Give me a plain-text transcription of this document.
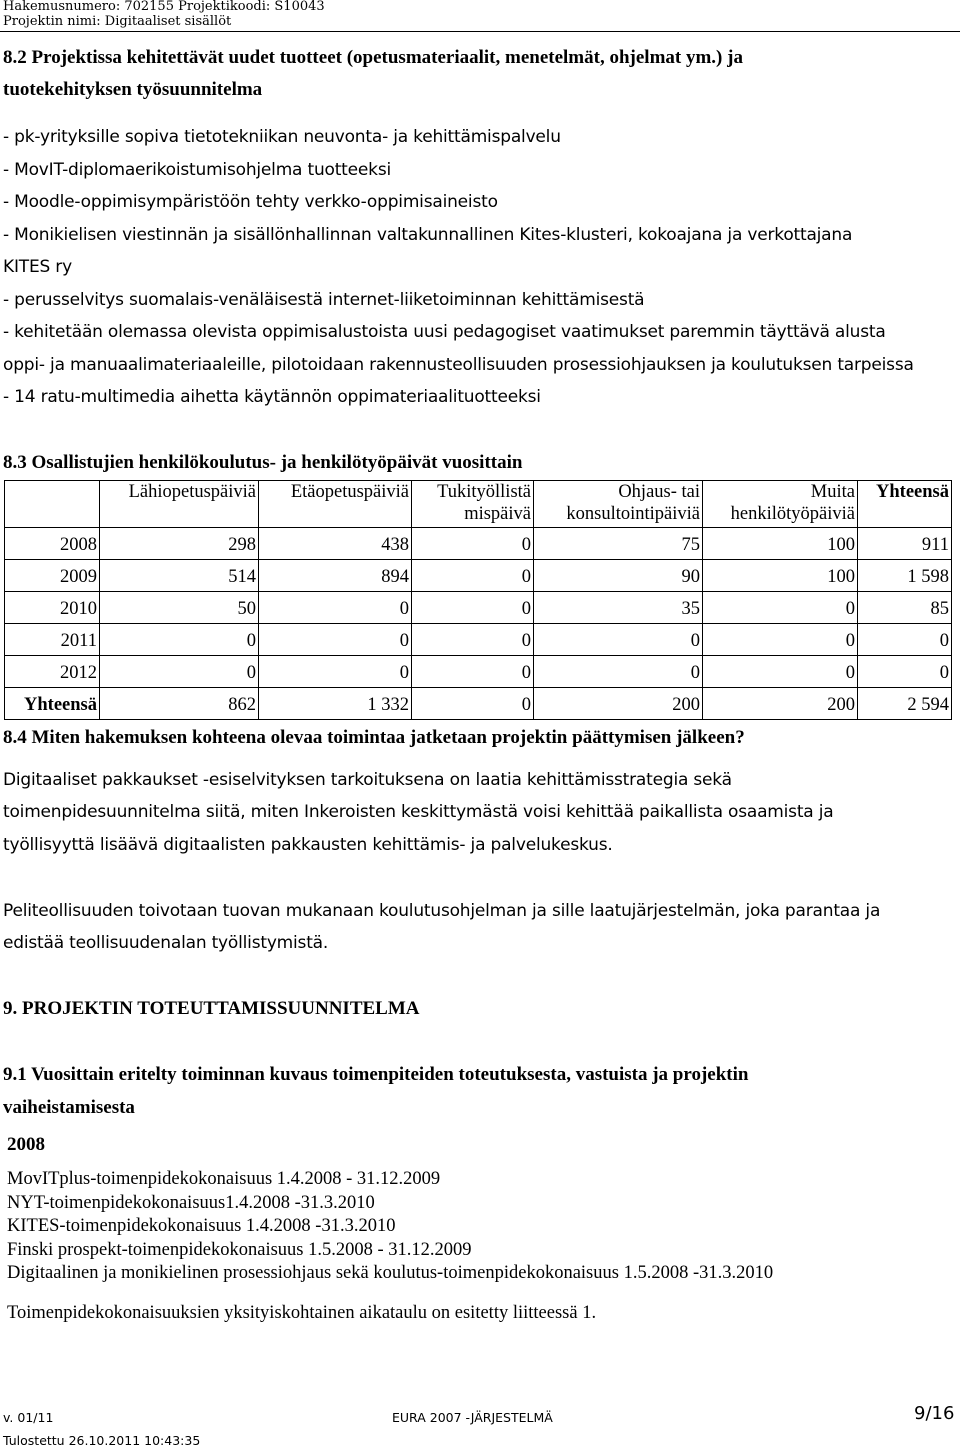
Hakemusnumero: 702155 Projektikoodi: S10043
Projektin nimi: Digitaaliset sisällöt
8.2 Projektissa kehitettävät uudet tuotteet (opetusmateriaalit, menetelmät, ohjelmat ym.) ja
tuotekehityksen työsuunnitelma
- pk-yrityksille sopiva tietotekniikan neuvonta- ja kehittämispalvelu
- MovIT-diplomaerikoistumisohjelma tuotteeksi
- Moodle-oppimisympäristöön tehty verkko-oppimisaineisto
- Monikielisen viestinnän ja sisällönhallinnan valtakunnallinen Kites-klusteri, kokoajana ja verkottajana
KITES ry
- perusselvitys suomalais-venäläisestä internet-liiketoiminnan kehittämisestä
- kehitetään olemassa olevista oppimisalustoista uusi pedagogiset vaatimukset paremmin täyttävä alusta
oppi- ja manuaalimateriaaleille, pilotoidaan rakennusteollisuuden prosessiohjauksen ja koulutuksen tarpeissa
- 14 ratu-multimedia aihetta käytännön oppimateriaalituotteeksi
8.3 Osallistujien henkilökoulutus- ja henkilötyöpäivät vuosittain
	Lähiopetuspäiviä	Etäopetuspäiviä	Tukityöllistä
mispäivä	Ohjaus- tai
konsultointipäiviä	Muita
henkilötyöpäiviä	Yhteensä
2008	298	438	0	75	100	911
2009	514	894	0	90	100	1 598
2010	50	0	0	35	0	85
2011	0	0	0	0	0	0
2012	0	0	0	0	0	0
Yhteensä	862	1 332	0	200	200	2 594
8.4 Miten hakemuksen kohteena olevaa toimintaa jatketaan projektin päättymisen jälkeen?
Digitaaliset pakkaukset -esiselvityksen tarkoituksena on laatia kehittämisstrategia sekä
toimenpidesuunnitelma siitä, miten Inkeroisten keskittymästä voisi kehittää paikallista osaamista ja
työllisyyttä lisäävä digitaalisten pakkausten kehittämis- ja palvelukeskus.
Peliteollisuuden toivotaan tuovan mukanaan koulutusohjelman ja sille laatujärjestelmän, joka parantaa ja
edistää teollisuudenalan työllistymistä.
9. PROJEKTIN TOTEUTTAMISSUUNNITELMA
9.1 Vuosittain eritelty toiminnan kuvaus toimenpiteiden toteutuksesta, vastuista ja projektin
vaiheistamisesta
2008
MovITplus-toimenpidekokonaisuus 1.4.2008 - 31.12.2009
NYT-toimenpidekokonaisuus1.4.2008 -31.3.2010
KITES-toimenpidekokonaisuus 1.4.2008 -31.3.2010
Finski prospekt-toimenpidekokonaisuus 1.5.2008 - 31.12.2009
Digitaalinen ja monikielinen prosessiohjaus sekä koulutus-toimenpidekokonaisuus 1.5.2008 -31.3.2010
Toimenpidekokonaisuuksien yksityiskohtainen aikataulu on esitetty liitteessä 1.
v. 01/11	EURA 2007 -JÄRJESTELMÄ	9/16
Tulostettu 26.10.2011 10:43:35
